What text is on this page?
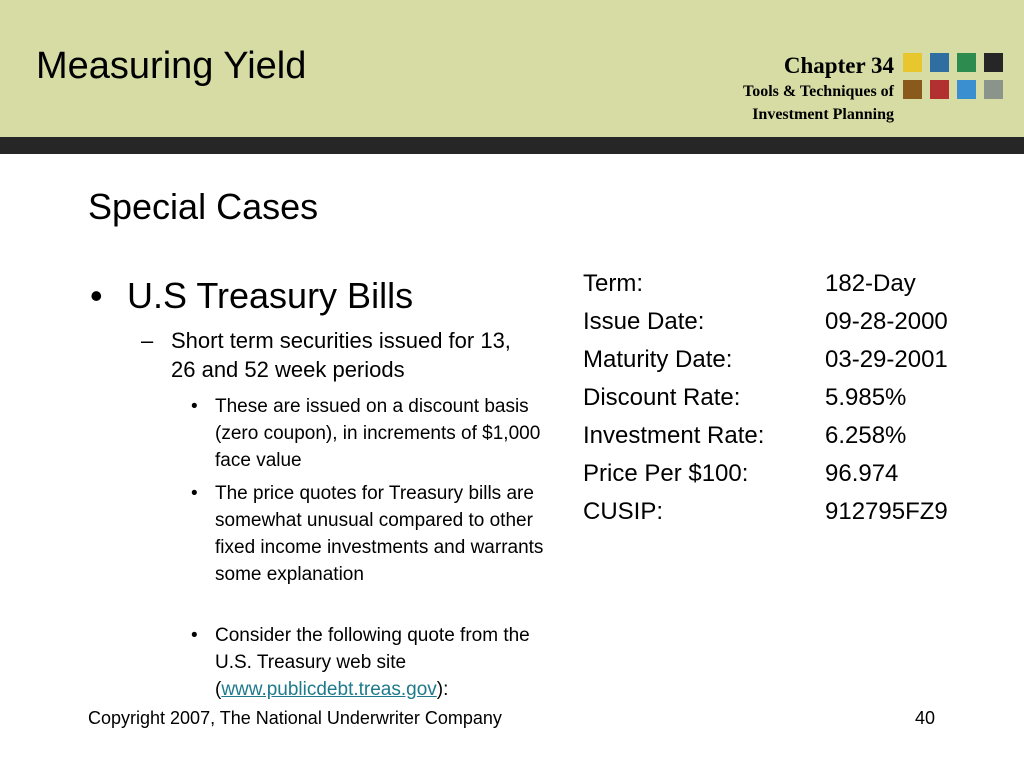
Measuring Yield	Chapter 34
Tools & Techniques of
Investment Planning
Special Cases
• U.S Treasury Bills
– Short term securities issued for 13, 26 and 52 week periods
• These are issued on a discount basis (zero coupon), in increments of $1,000 face value
• The price quotes for Treasury bills are somewhat unusual compared to other fixed income investments and warrants some explanation
• Consider the following quote from the U.S. Treasury web site (www.publicdebt.treas.gov):
Term:	182-Day
Issue Date:	09-28-2000
Maturity Date:	03-29-2001
Discount Rate:	5.985%
Investment Rate:	6.258%
Price Per $100:	96.974
CUSIP:	912795FZ9
Copyright 2007, The National Underwriter Company	40
